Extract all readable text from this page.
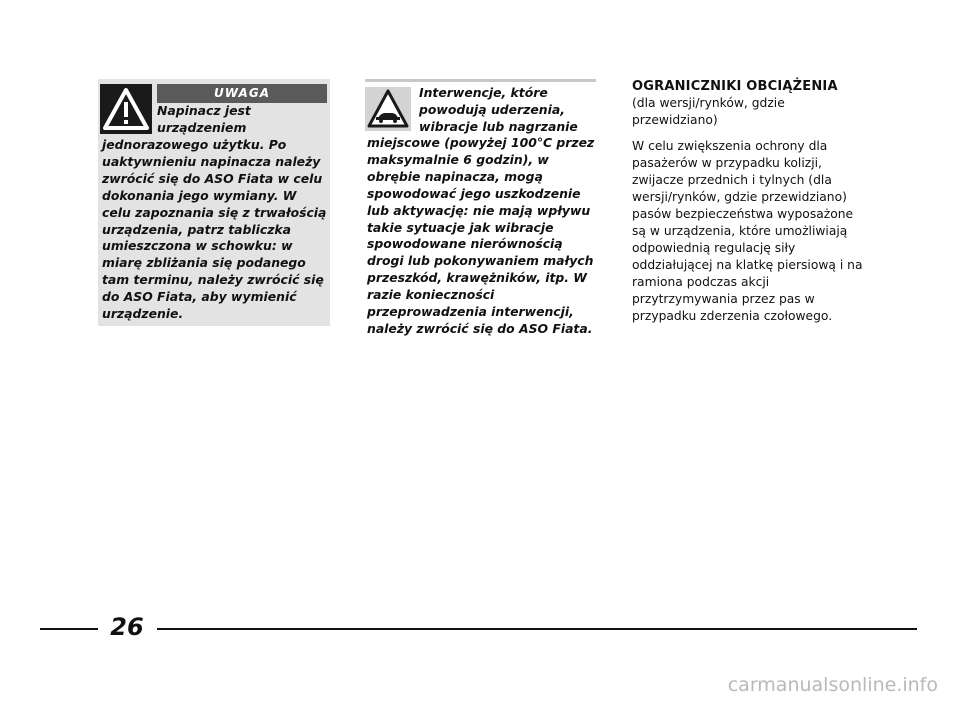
UWAGA
Napinacz jest
urządzeniem
jednorazowego użytku. Po
uaktywnieniu napinacza należy
zwrócić się do ASO Fiata w celu
dokonania jego wymiany. W
celu zapoznania się z trwałością
urządzenia, patrz tabliczka
umieszczona w schowku: w
miarę zbliżania się podanego
tam terminu, należy zwrócić się
do ASO Fiata, aby wymienić
urządzenie.
Interwencje, które
powodują uderzenia,
wibracje lub nagrzanie
miejscowe (powyżej 100°C przez
maksymalnie 6 godzin), w
obrębie napinacza, mogą
spowodować jego uszkodzenie
lub aktywację: nie mają wpływu
takie sytuacje jak wibracje
spowodowane nierównością
drogi lub pokonywaniem małych
przeszkód, krawężników, itp. W
razie konieczności
przeprowadzenia interwencji,
należy zwrócić się do ASO Fiata.
OGRANICZNIKI OBCIĄŻENIA
(dla wersji/rynków, gdzie
przewidziano)
W celu zwiększenia ochrony dla
pasażerów w przypadku kolizji,
zwijacze przednich i tylnych (dla
wersji/rynków, gdzie przewidziano)
pasów bezpieczeństwa wyposażone
są w urządzenia, które umożliwiają
odpowiednią regulację siły
oddziałującej na klatkę piersiową i na
ramiona podczas akcji
przytrzymywania przez pas w
przypadku zderzenia czołowego.
26
carmanualsonline.info
